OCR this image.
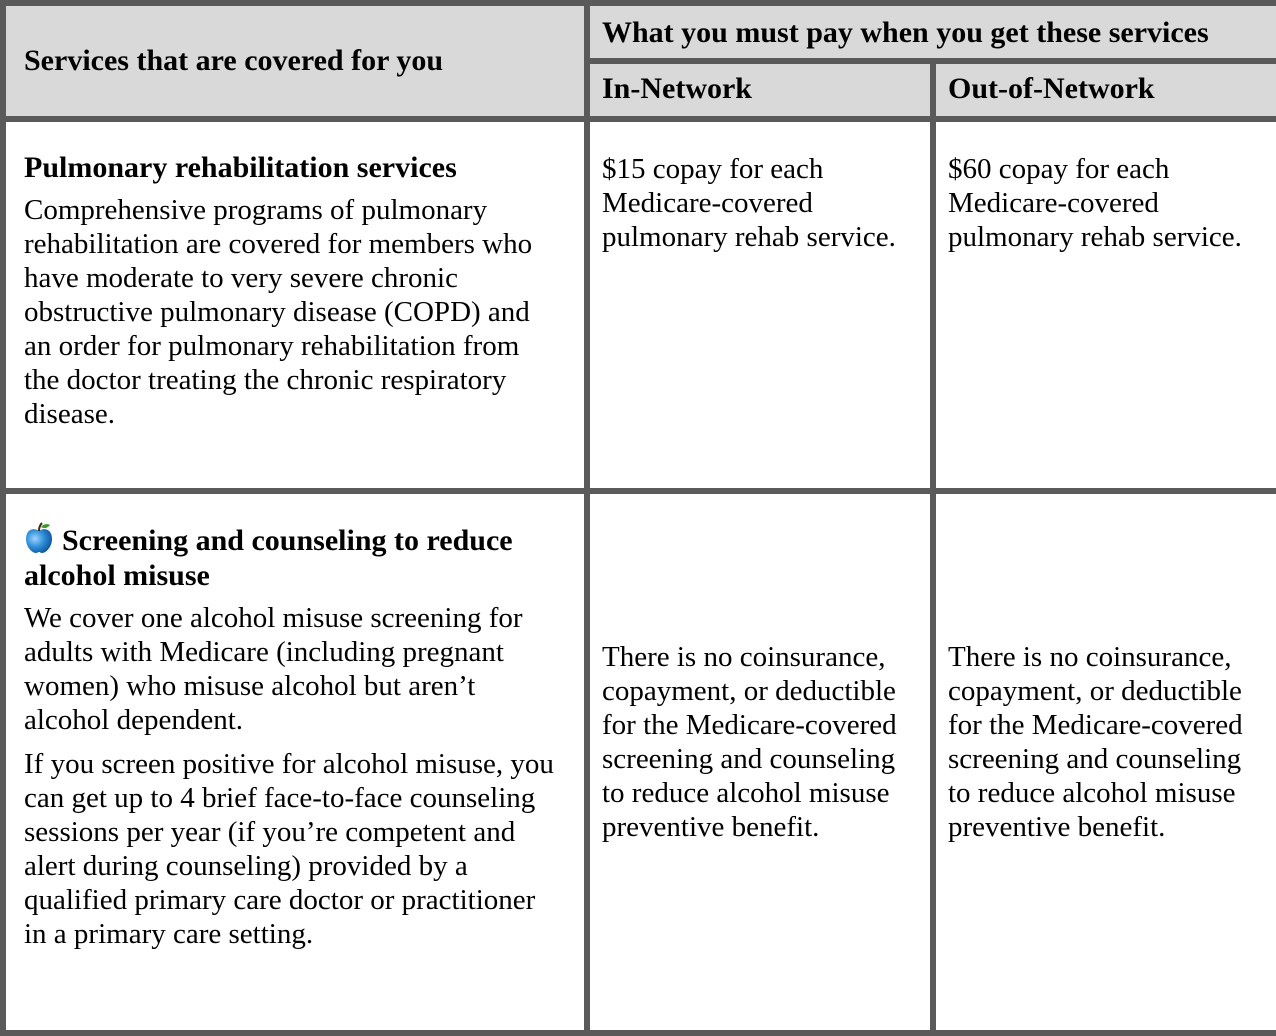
Services that are covered for you	What you must pay when you get these services	
	In-Network	Out-of-Network

Pulmonary rehabilitation services

Comprehensive programs of pulmonary rehabilitation are covered for members who have moderate to very severe chronic obstructive pulmonary disease (COPD) and an order for pulmonary rehabilitation from the doctor treating the chronic respiratory disease.	$15 copay for each Medicare-covered pulmonary rehab service.	$60 copay for each Medicare-covered pulmonary rehab service.

Screening and counseling to reduce alcohol misuse

We cover one alcohol misuse screening for adults with Medicare (including pregnant women) who misuse alcohol but aren’t alcohol dependent.

If you screen positive for alcohol misuse, you can get up to 4 brief face-to-face counseling sessions per year (if you’re competent and alert during counseling) provided by a qualified primary care doctor or practitioner in a primary care setting.	There is no coinsurance, copayment, or deductible for the Medicare-covered screening and counseling to reduce alcohol misuse preventive benefit.	There is no coinsurance, copayment, or deductible for the Medicare-covered screening and counseling to reduce alcohol misuse preventive benefit.
